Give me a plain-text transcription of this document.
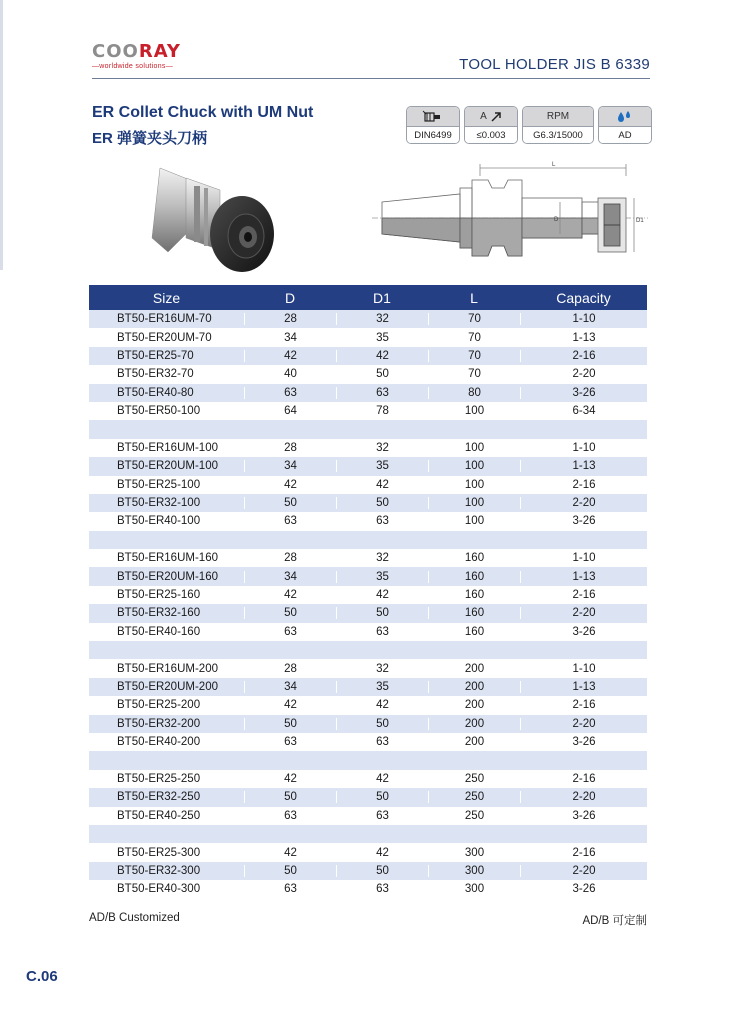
COORAY
—worldwide solutions—	TOOL HOLDER JIS B 6339
ER Collet Chuck with UM Nut
ER 弹簧夹头刀柄	DIN6499
A
≤0.003
RPM
G6.3/15000	AD
L
D	D1
Size	D	D1	L	Capacity
BT50-ER16UM-70	28	32	70	1-10
BT50-ER20UM-70	34	35	70	1-13
BT50-ER25-70	42	42	70	2-16
BT50-ER32-70	40	50	70	2-20
BT50-ER40-80	63	63	80	3-26
BT50-ER50-100	64	78	100	6-34
BT50-ER16UM-100	28	32	100	1-10
BT50-ER20UM-100	34	35	100	1-13
BT50-ER25-100	42	42	100	2-16
BT50-ER32-100	50	50	100	2-20
BT50-ER40-100	63	63	100	3-26
BT50-ER16UM-160	28	32	160	1-10
BT50-ER20UM-160	34	35	160	1-13
BT50-ER25-160	42	42	160	2-16
BT50-ER32-160	50	50	160	2-20
BT50-ER40-160	63	63	160	3-26
BT50-ER16UM-200	28	32	200	1-10
BT50-ER20UM-200	34	35	200	1-13
BT50-ER25-200	42	42	200	2-16
BT50-ER32-200	50	50	200	2-20
BT50-ER40-200	63	63	200	3-26
BT50-ER25-250	42	42	250	2-16
BT50-ER32-250	50	50	250	2-20
BT50-ER40-250	63	63	250	3-26
BT50-ER25-300	42	42	300	2-16
BT50-ER32-300	50	50	300	2-20
BT50-ER40-300	63	63	300	3-26
AD/B Customized	AD/B 可定制
C.06
